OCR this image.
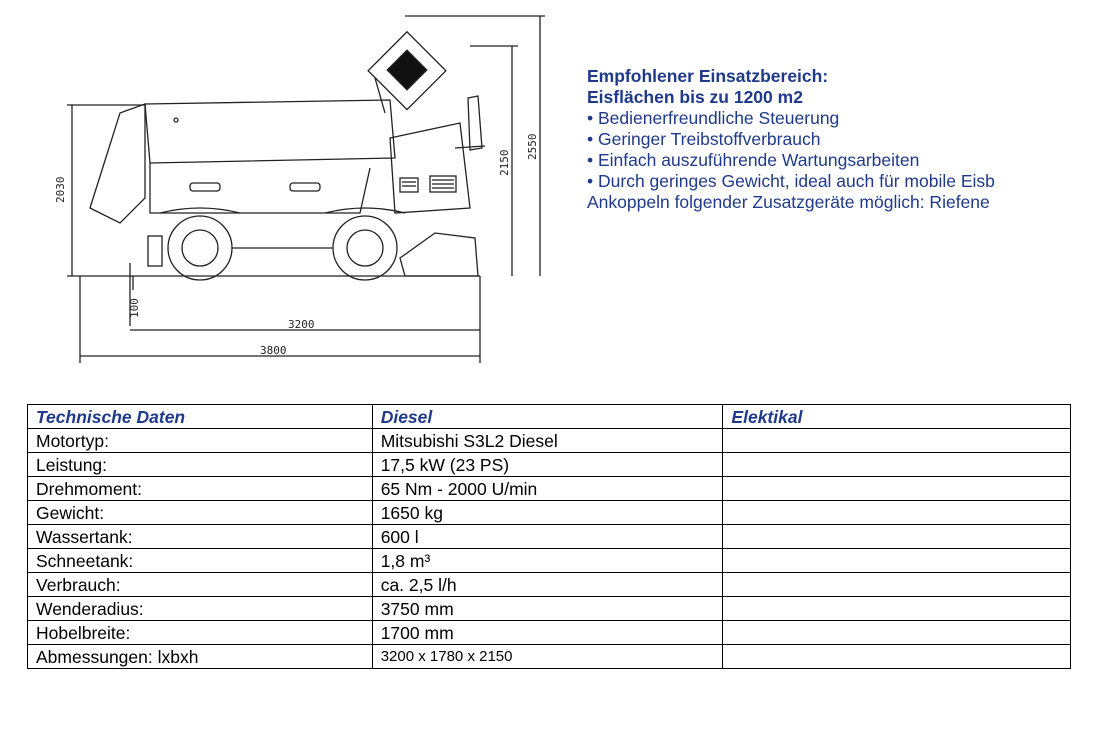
2030
2150
2550
100
3200
3800
Empfohlener Einsatzbereich:
Eisflächen bis zu 1200 m2
• Bedienerfreundliche Steuerung
• Geringer Treibstoffverbrauch
• Einfach auszuführende Wartungsarbeiten
• Durch geringes Gewicht, ideal auch für mobile Eisb
Ankoppeln folgender Zusatzgeräte möglich: Riefene
Technische Daten	Diesel	Elektikal
Motortyp:	Mitsubishi S3L2 Diesel	
Leistung:	17,5 kW (23 PS)	
Drehmoment:	65 Nm - 2000 U/min	
Gewicht:	1650 kg	
Wassertank:	600 l	
Schneetank:	1,8 m³	
Verbrauch:	ca. 2,5 l/h	
Wenderadius:	3750 mm	
Hobelbreite:	1700 mm	
Abmessungen: lxbxh	3200 x 1780 x 2150	
